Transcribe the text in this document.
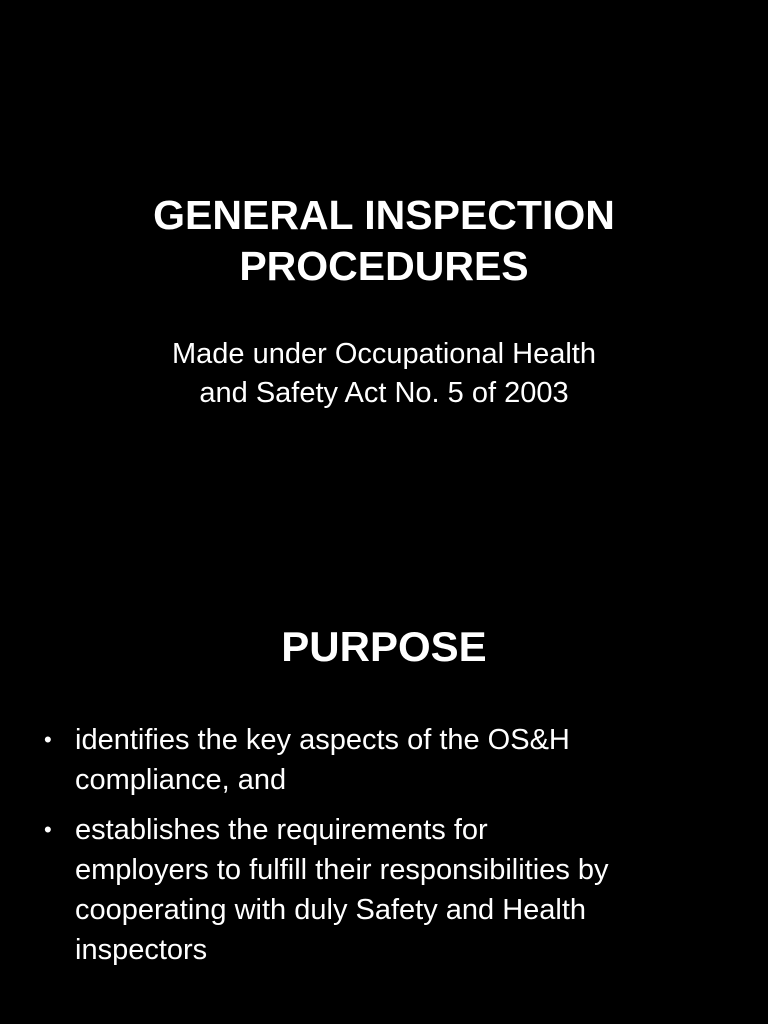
GENERAL INSPECTION
PROCEDURES

Made under Occupational Health
and Safety Act No. 5 of 2003

PURPOSE
• identifies the key aspects of the OS&H
compliance, and
• establishes the requirements for
employers to fulfill their responsibilities by
cooperating with duly Safety and Health
inspectors
